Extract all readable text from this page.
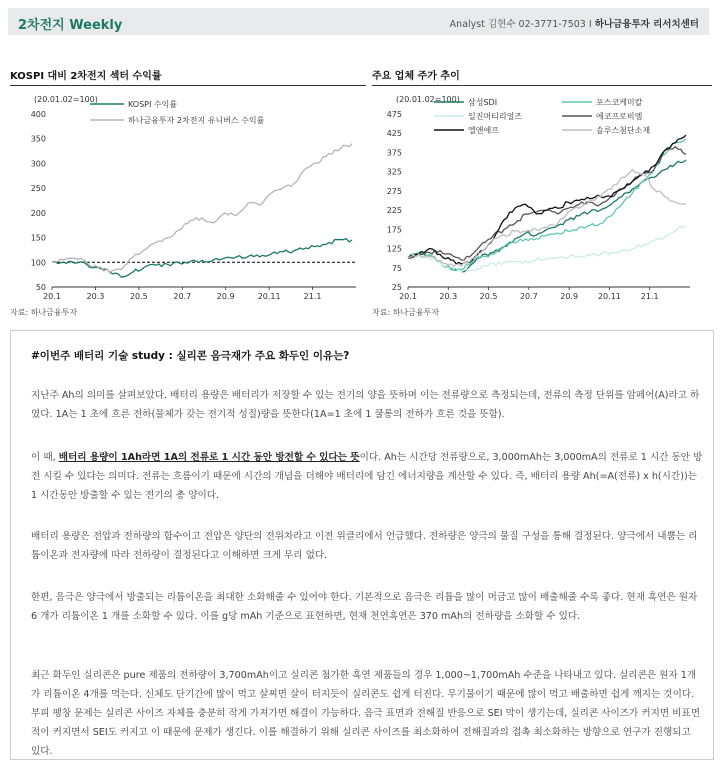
2차전지 Weekly	Analyst 김현수 02-3771-7503 I 하나금융투자 리서치센터
KOSPI 대비 2차전지 섹터 수익률	주요 업체 주가 추이
(20.01.02=100)
50
100
150
200
250
300
350
400
20.1	20.3	20.5	20.7	20.9	20.11	21.1
KOSPI 수익률
하나금융투자 2차전지 유니버스 수익률
(20.01.02=100)
25
75
125
175
225
275
325
375
425
475
20.1	20.3	20.5	20.7	20.9 20.11 21.1
삼성SDI	포스코케미칼
일진머티리얼즈	에코프로비엠
엘앤에프	솔루스첨단소재
자료: 하나금융투자	자료: 하나금융투자
#이번주 배터리 기술 study : 실리콘 음극재가 주요 화두인 이유는?
지난주 Ah의 의미를 살펴보았다. 배터리 용량은 배터리가 저장할 수 있는 전기의 양을 뜻하며 이는 전류량으로 측정되는데, 전류의 측정 단위를 암페어(A)라고 하였다. 1A는 1 초에 흐른 전하(물체가 갖는 전기적 성질)량을 뜻한다(1A=1 초에 1 쿨롱의 전하가 흐른 것을 뜻함).
이 때, 배터리 용량이 1Ah라면 1A의 전류로 1 시간 동안 방전할 수 있다는 뜻이다. Ah는 시간당 전류량으로, 3,000mAh는 3,000mA의 전류로 1 시간 동안 방전 시킬 수 있다는 의미다. 전류는 흐름이기 때문에 시간의 개념을 더해야 배터리에 담긴 에너지량을 계산할 수 있다. 즉, 배터리 용량 Ah(=A(전류) x h(시간))는 1 시간동안 방출할 수 있는 전기의 총 양이다.
배터리 용량은 전압과 전하량의 함수이고 전압은 양단의 전위차라고 이전 위클리에서 언급했다. 전하량은 양극의 물질 구성을 통해 결정된다. 양극에서 내뿜는 리튬이온과 전자량에 따라 전하량이 결정된다고 이해하면 크게 무리 없다.
한편, 음극은 양극에서 방출되는 리튬이온을 최대한 소화해줄 수 있어야 한다. 기본적으로 음극은 리튬을 많이 머금고 많이 배출해줄 수록 좋다. 현재 흑연은 원자 6 개가 리튬이온 1 개를 소화할 수 있다. 이를 g당 mAh 기준으로 표현하면, 현재 천연흑연은 370 mAh의 전하량을 소화할 수 있다.
최근 화두인 실리콘은 pure 제품의 전하량이 3,700mAh이고 실리콘 첨가한 흑연 제품들의 경우 1,000~1,700mAh 수준을 나타내고 있다. 실리콘은 원자 1개가 리튬이온 4개를 먹는다. 신체도 단기간에 많이 먹고 살찌면 살이 터지듯이 실리콘도 쉽게 터진다. 무기물이기 때문에 많이 먹고 배출하면 쉽게 깨지는 것이다. 부피 팽창 문제는 실리콘 사이즈 자체를 충분히 작게 가져가면 해결이 가능하다. 음극 표면과 전해질 반응으로 SEI 막이 생기는데, 실리콘 사이즈가 커지면 비표면적이 커지면서 SEI도 커지고 이 때문에 문제가 생긴다. 이를 해결하기 위해 실리콘 사이즈를 최소화하여 전해질과의 접촉 최소화하는 방향으로 연구가 진행되고 있다.
